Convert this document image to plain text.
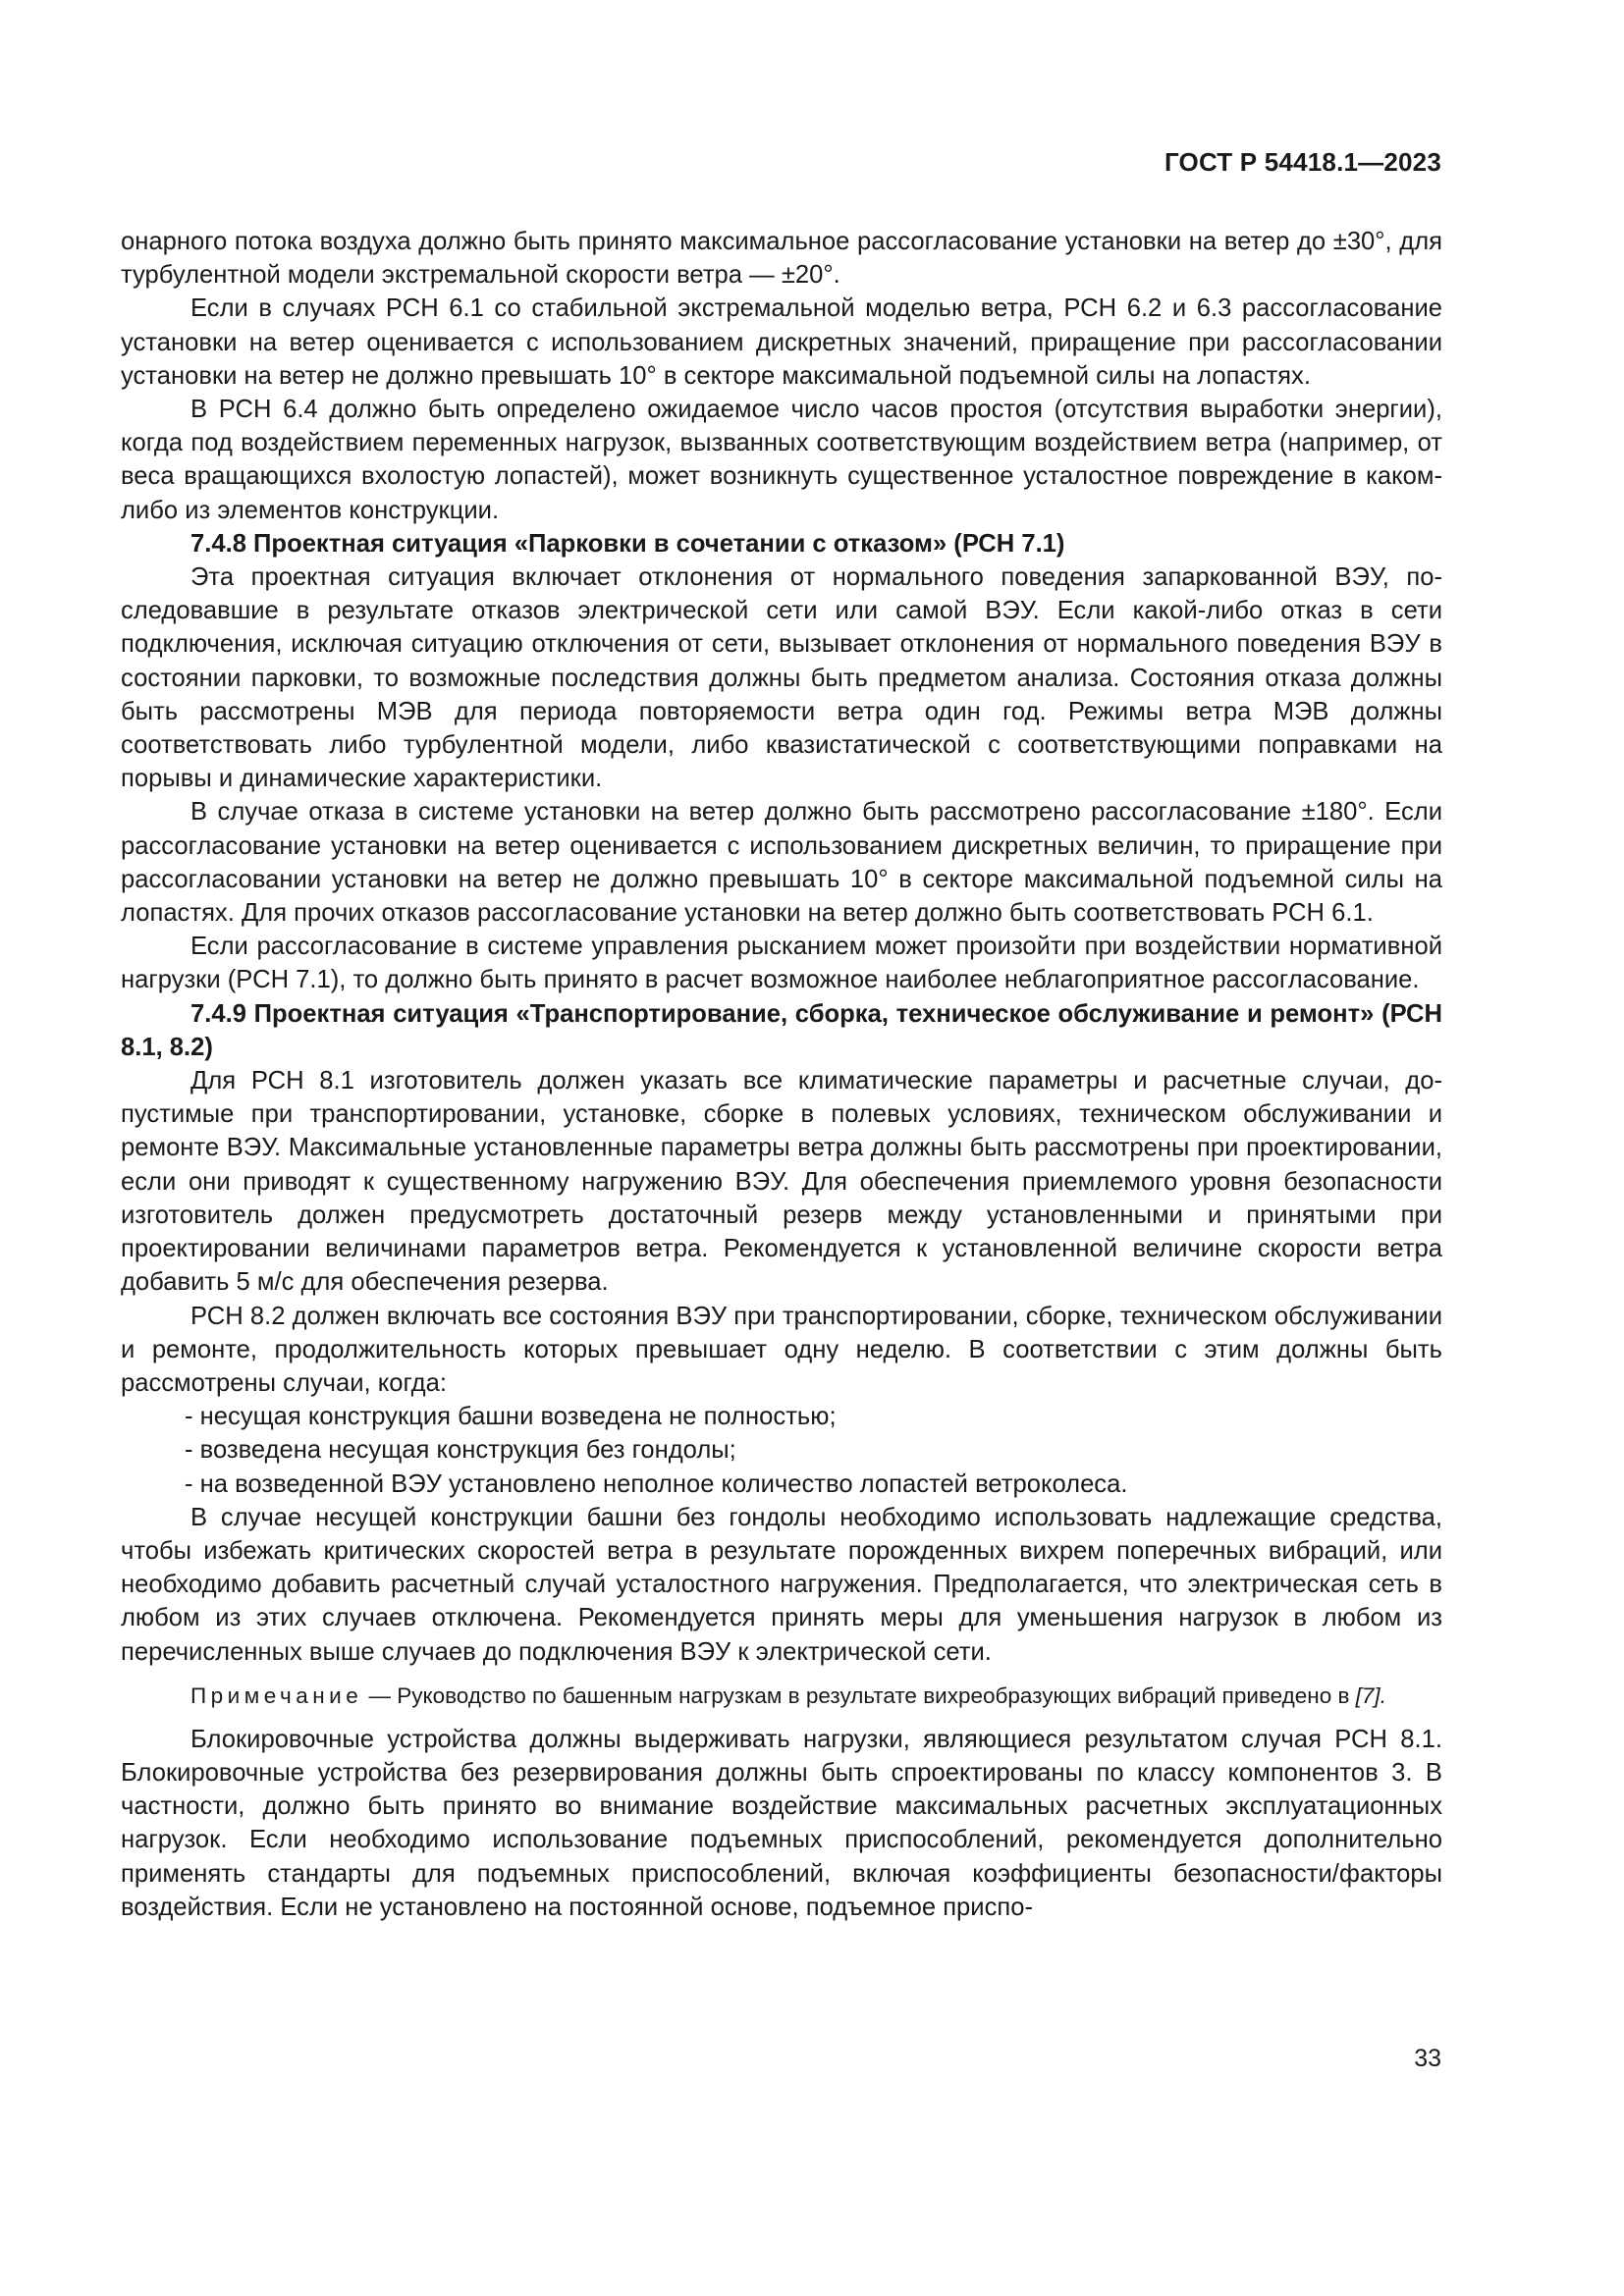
ГОСТ Р 54418.1—2023

онарного потока воздуха должно быть принято максимальное рассогласование установки на ветер до ±30°, для турбулентной модели экстремальной скорости ветра — ±20°.

Если в случаях РСН 6.1 со стабильной экстремальной моделью ветра, РСН 6.2 и 6.3 рассогласование установки на ветер оценивается с использованием дискретных значений, приращение при рассогласовании установки на ветер не должно превышать 10° в секторе максимальной подъемной силы на лопастях.

В РСН 6.4 должно быть определено ожидаемое число часов простоя (отсутствия выработки энергии), когда под воздействием переменных нагрузок, вызванных соответствующим воздействием ветра (например, от веса вращающихся вхолостую лопастей), может возникнуть существенное усталостное повреждение в каком-либо из элементов конструкции.

7.4.8 Проектная ситуация «Парковки в сочетании с отказом» (РСН 7.1)

Эта проектная ситуация включает отклонения от нормального поведения запаркованной ВЭУ, последовавшие в результате отказов электрической сети или самой ВЭУ. Если какой-либо отказ в сети подключения, исключая ситуацию отключения от сети, вызывает отклонения от нормального поведения ВЭУ в состоянии парковки, то возможные последствия должны быть предметом анализа. Состояния отказа должны быть рассмотрены МЭВ для периода повторяемости ветра один год. Режимы ветра МЭВ должны соответствовать либо турбулентной модели, либо квазистатической с соответствующими поправками на порывы и динамические характеристики.

В случае отказа в системе установки на ветер должно быть рассмотрено рассогласование ±180°. Если рассогласование установки на ветер оценивается с использованием дискретных величин, то приращение при рассогласовании установки на ветер не должно превышать 10° в секторе максимальной подъемной силы на лопастях. Для прочих отказов рассогласование установки на ветер должно быть соответствовать РСН 6.1.

Если рассогласование в системе управления рысканием может произойти при воздействии нормативной нагрузки (РСН 7.1), то должно быть принято в расчет возможное наиболее неблагоприятное рассогласование.

7.4.9 Проектная ситуация «Транспортирование, сборка, техническое обслуживание и ремонт» (РСН 8.1, 8.2)

Для РСН 8.1 изготовитель должен указать все климатические параметры и расчетные случаи, допустимые при транспортировании, установке, сборке в полевых условиях, техническом обслуживании и ремонте ВЭУ. Максимальные установленные параметры ветра должны быть рассмотрены при проектировании, если они приводят к существенному нагружению ВЭУ. Для обеспечения приемлемого уровня безопасности изготовитель должен предусмотреть достаточный резерв между установленными и принятыми при проектировании величинами параметров ветра. Рекомендуется к установленной величине скорости ветра добавить 5 м/с для обеспечения резерва.

РСН 8.2 должен включать все состояния ВЭУ при транспортировании, сборке, техническом обслуживании и ремонте, продолжительность которых превышает одну неделю. В соответствии с этим должны быть рассмотрены случаи, когда:

- несущая конструкция башни возведена не полностью;

- возведена несущая конструкция без гондолы;

- на возведенной ВЭУ установлено неполное количество лопастей ветроколеса.

В случае несущей конструкции башни без гондолы необходимо использовать надлежащие средства, чтобы избежать критических скоростей ветра в результате порожденных вихрем поперечных вибраций, или необходимо добавить расчетный случай усталостного нагружения. Предполагается, что электрическая сеть в любом из этих случаев отключена. Рекомендуется принять меры для уменьшения нагрузок в любом из перечисленных выше случаев до подключения ВЭУ к электрической сети.

Примечание — Руководство по башенным нагрузкам в результате вихреобразующих вибраций приведено в [7].

Блокировочные устройства должны выдерживать нагрузки, являющиеся результатом случая РСН 8.1. Блокировочные устройства без резервирования должны быть спроектированы по классу компонентов 3. В частности, должно быть принято во внимание воздействие максимальных расчетных эксплуатационных нагрузок. Если необходимо использование подъемных приспособлений, рекомендуется дополнительно применять стандарты для подъемных приспособлений, включая коэффициенты безопасности/факторы воздействия. Если не установлено на постоянной основе, подъемное приспо-

33
